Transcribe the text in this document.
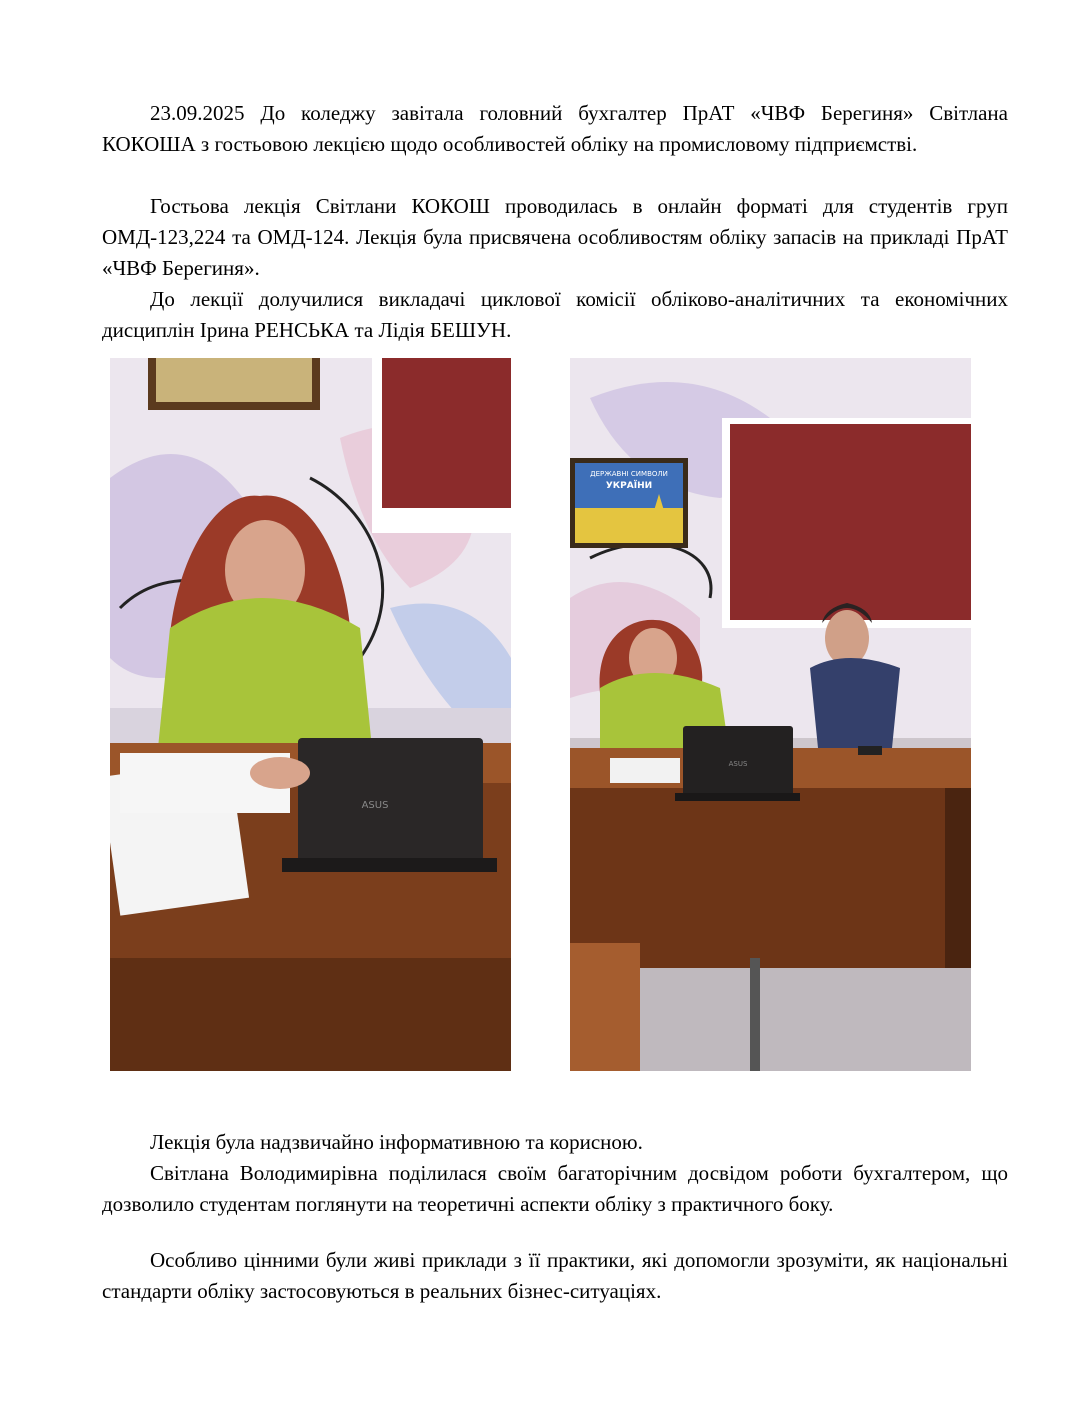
23.09.2025 До коледжу завітала головний бухгалтер ПрАТ «ЧВФ Берегиня» Світлана КОКОША з гостьовою лекцією щодо особливостей обліку на промисловому підприємстві.

Гостьова лекція Світлани КОКОШ проводилась в онлайн форматі для студентів груп ОМД-123,224 та ОМД-124. Лекція була присвячена особливостям обліку запасів на прикладі ПрАТ «ЧВФ Берегиня».

До лекції долучилися викладачі циклової комісії обліково-аналітичних та економічних дисциплін Ірина РЕНСЬКА та Лідія БЕШУН.

ASUS
ДЕРЖАВНІ СИМВОЛИ
УКРАЇНИ
ASUS

Лекція була надзвичайно інформативною та корисною.

Світлана Володимирівна поділилася своїм багаторічним досвідом роботи бухгалтером, що дозволило студентам поглянути на теоретичні аспекти обліку з практичного боку.

Особливо цінними були живі приклади з її практики, які допомогли зрозуміти, як національні стандарти обліку застосовуються в реальних бізнес-ситуаціях.
